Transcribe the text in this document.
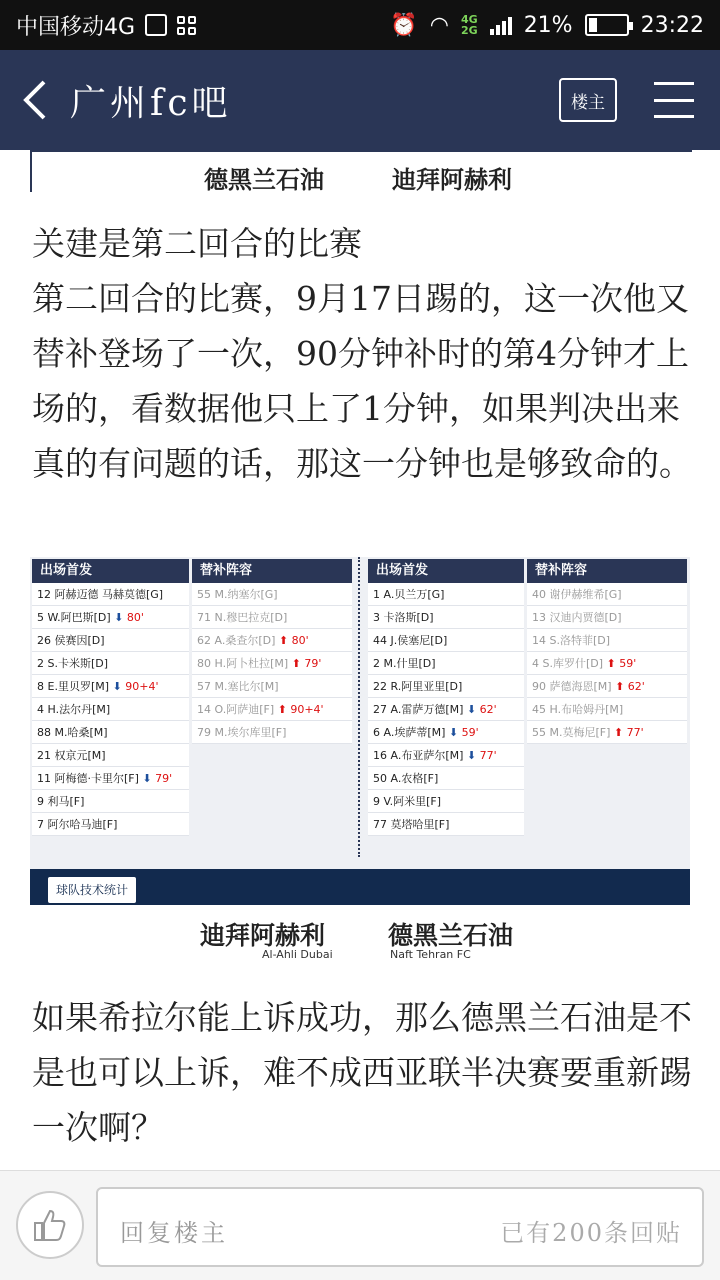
中国移动4G	⏰ ◠ 4G
2G 21%	23:22
广州fc吧	楼主
德黑兰石油	迪拜阿赫利
关建是第二回合的比赛
第二回合的比赛，9月17日踢的，这一次他又替补登场了一次，90分钟补时的第4分钟才上场的，看数据他只上了1分钟，如果判决出来真的有问题的话，那这一分钟也是够致命的。
出场首发
12 阿赫迈德 马赫莫德[G]
5 W.阿巴斯[D] ⬇ 80'
26 侯赛因[D]
2 S.卡米斯[D]
8 E.里贝罗[M] ⬇ 90+4'
4 H.法尔丹[M]
88 M.哈桑[M]
21 权京元[M]
11 阿梅德·卡里尔[F] ⬇ 79'
9 利马[F]
7 阿尔哈马迪[F]
替补阵容
55 M.纳塞尔[G]
71 N.穆巴拉克[D]
62 A.桑查尔[D] ⬆ 80'
80 H.阿卜杜拉[M] ⬆ 79'
57 M.塞比尔[M]
14 O.阿萨迪[F] ⬆ 90+4'
79 M.埃尔库里[F]
出场首发
1 A.贝兰万[G]
3 卡洛斯[D]
44 J.侯塞尼[D]
2 M.什里[D]
22 R.阿里亚里[D]
27 A.雷萨万德[M] ⬇ 62'
6 A.埃萨蒂[M] ⬇ 59'
16 A.布亚萨尔[M] ⬇ 77'
50 A.农格[F]
9 V.阿米里[F]
77 莫塔哈里[F]
替补阵容
40 谢伊赫维希[G]
13 汉迪内贾德[D]
14 S.洛特菲[D]
4 S.库罗什[D] ⬆ 59'
90 萨德海恩[M] ⬆ 62'
45 H.布哈姆丹[M]
55 M.莫梅尼[F] ⬆ 77'
球队技术统计
迪拜阿赫利	德黑兰石油
Al-Ahli Dubai	Naft Tehran FC
如果希拉尔能上诉成功，那么德黑兰石油是不是也可以上诉，难不成西亚联半决赛要重新踢一次啊？
回复楼主	已有200条回贴
